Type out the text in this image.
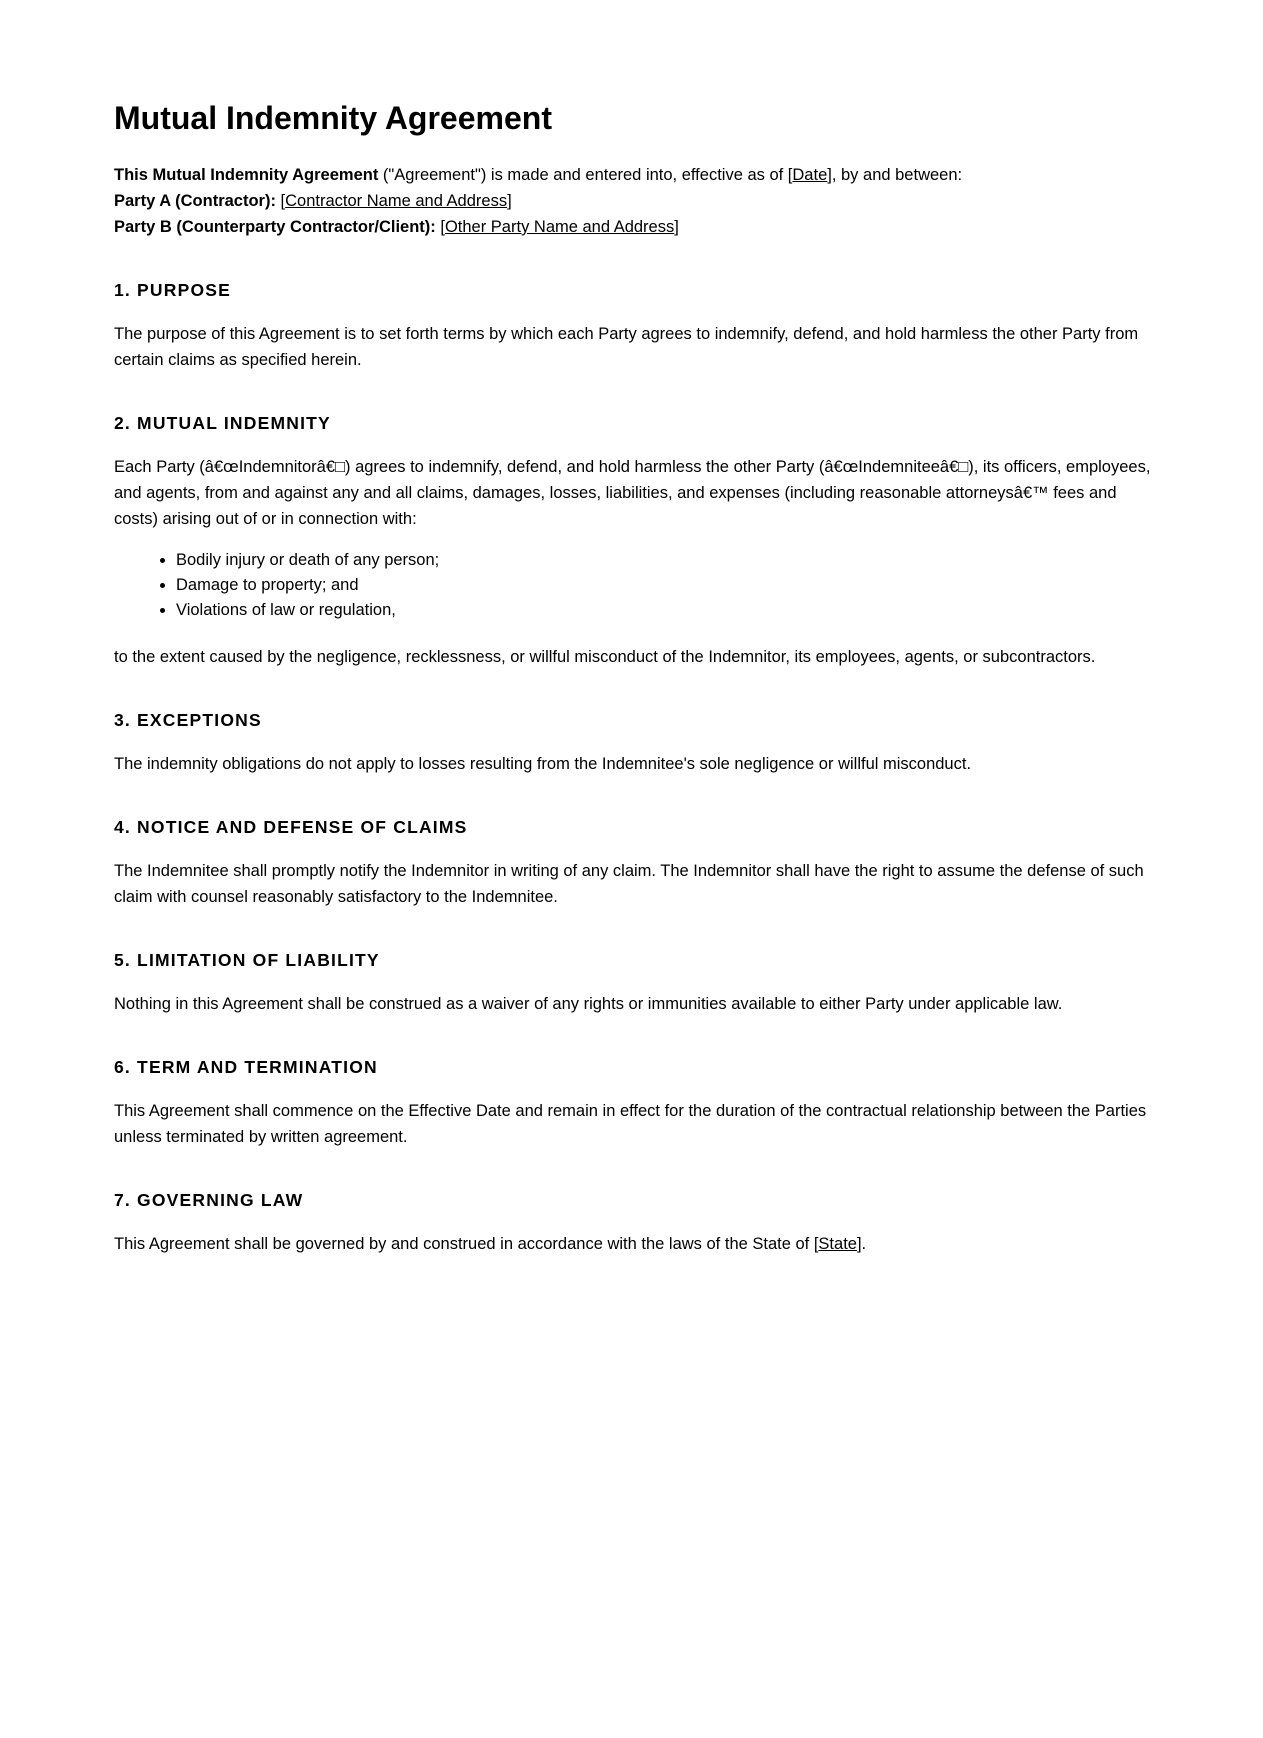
Mutual Indemnity Agreement
This Mutual Indemnity Agreement ("Agreement") is made and entered into, effective as of [Date], by and between:
Party A (Contractor): [Contractor Name and Address]
Party B (Counterparty Contractor/Client): [Other Party Name and Address]
1. PURPOSE

The purpose of this Agreement is to set forth terms by which each Party agrees to indemnify, defend, and hold harmless the other Party from certain claims as specified herein.

2. MUTUAL INDEMNITY

Each Party (â€œIndemnitorâ€□) agrees to indemnify, defend, and hold harmless the other Party (â€œIndemniteeâ€□), its officers, employees, and agents, from and against any and all claims, damages, losses, liabilities, and expenses (including reasonable attorneysâ€™ fees and costs) arising out of or in connection with:

• Bodily injury or death of any person;
• Damage to property; and
• Violations of law or regulation,

to the extent caused by the negligence, recklessness, or willful misconduct of the Indemnitor, its employees, agents, or subcontractors.

3. EXCEPTIONS

The indemnity obligations do not apply to losses resulting from the Indemnitee's sole negligence or willful misconduct.

4. NOTICE AND DEFENSE OF CLAIMS

The Indemnitee shall promptly notify the Indemnitor in writing of any claim. The Indemnitor shall have the right to assume the defense of such claim with counsel reasonably satisfactory to the Indemnitee.

5. LIMITATION OF LIABILITY

Nothing in this Agreement shall be construed as a waiver of any rights or immunities available to either Party under applicable law.

6. TERM AND TERMINATION

This Agreement shall commence on the Effective Date and remain in effect for the duration of the contractual relationship between the Parties unless terminated by written agreement.

7. GOVERNING LAW

This Agreement shall be governed by and construed in accordance with the laws of the State of [State].
